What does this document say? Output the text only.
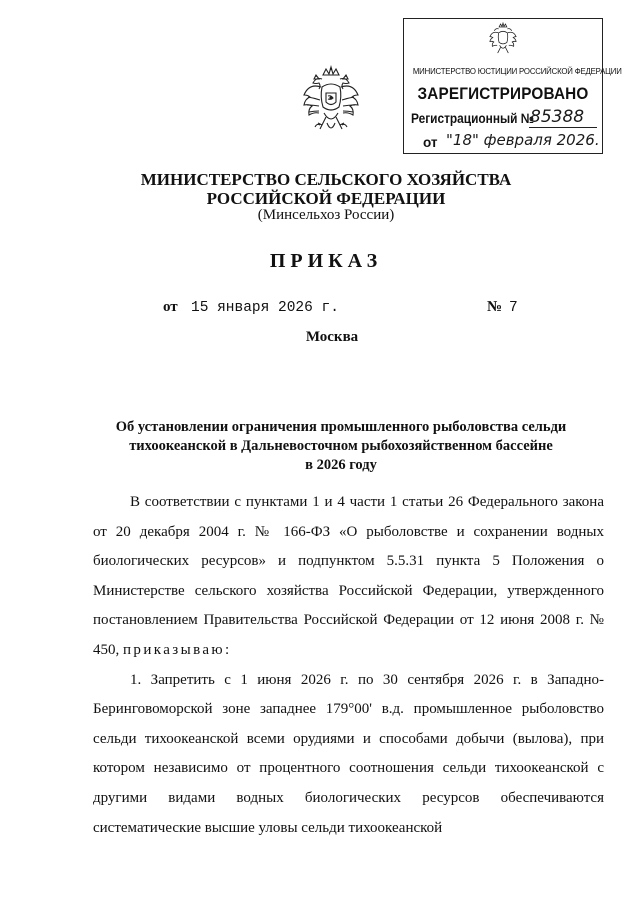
МИНИСТЕРСТВО ЮСТИЦИИ РОССИЙСКОЙ ФЕДЕРАЦИИ
ЗАРЕГИСТРИРОВАНО
Регистрационный №
85388
от "18" февраля 2026.
МИНИСТЕРСТВО СЕЛЬСКОГО ХОЗЯЙСТВА
РОССИЙСКОЙ ФЕДЕРАЦИИ
(Минсельхоз России)
ПРИКАЗ
от 15 января 2026 г.	№ 7
Москва
Об установлении ограничения промышленного рыболовства сельди
тихоокеанской в Дальневосточном рыбохозяйственном бассейне
в 2026 году

В соответствии с пунктами 1 и 4 части 1 статьи 26 Федерального закона от 20 декабря 2004 г. № 166-ФЗ «О рыболовстве и сохранении водных биологических ресурсов» и подпунктом 5.5.31 пункта 5 Положения о Министерстве сельского хозяйства Российской Федерации, утвержденного постановлением Правительства Российской Федерации от 12 июня 2008 г. № 450, приказываю:

1. Запретить с 1 июня 2026 г. по 30 сентября 2026 г. в Западно-Беринговоморской зоне западнее 179°00' в.д. промышленное рыболовство сельди тихоокеанской всеми орудиями и способами добычи (вылова), при котором независимо от процентного соотношения сельди тихоокеанской с другими видами водных биологических ресурсов обеспечиваются систематические высшие уловы сельди тихоокеанской
